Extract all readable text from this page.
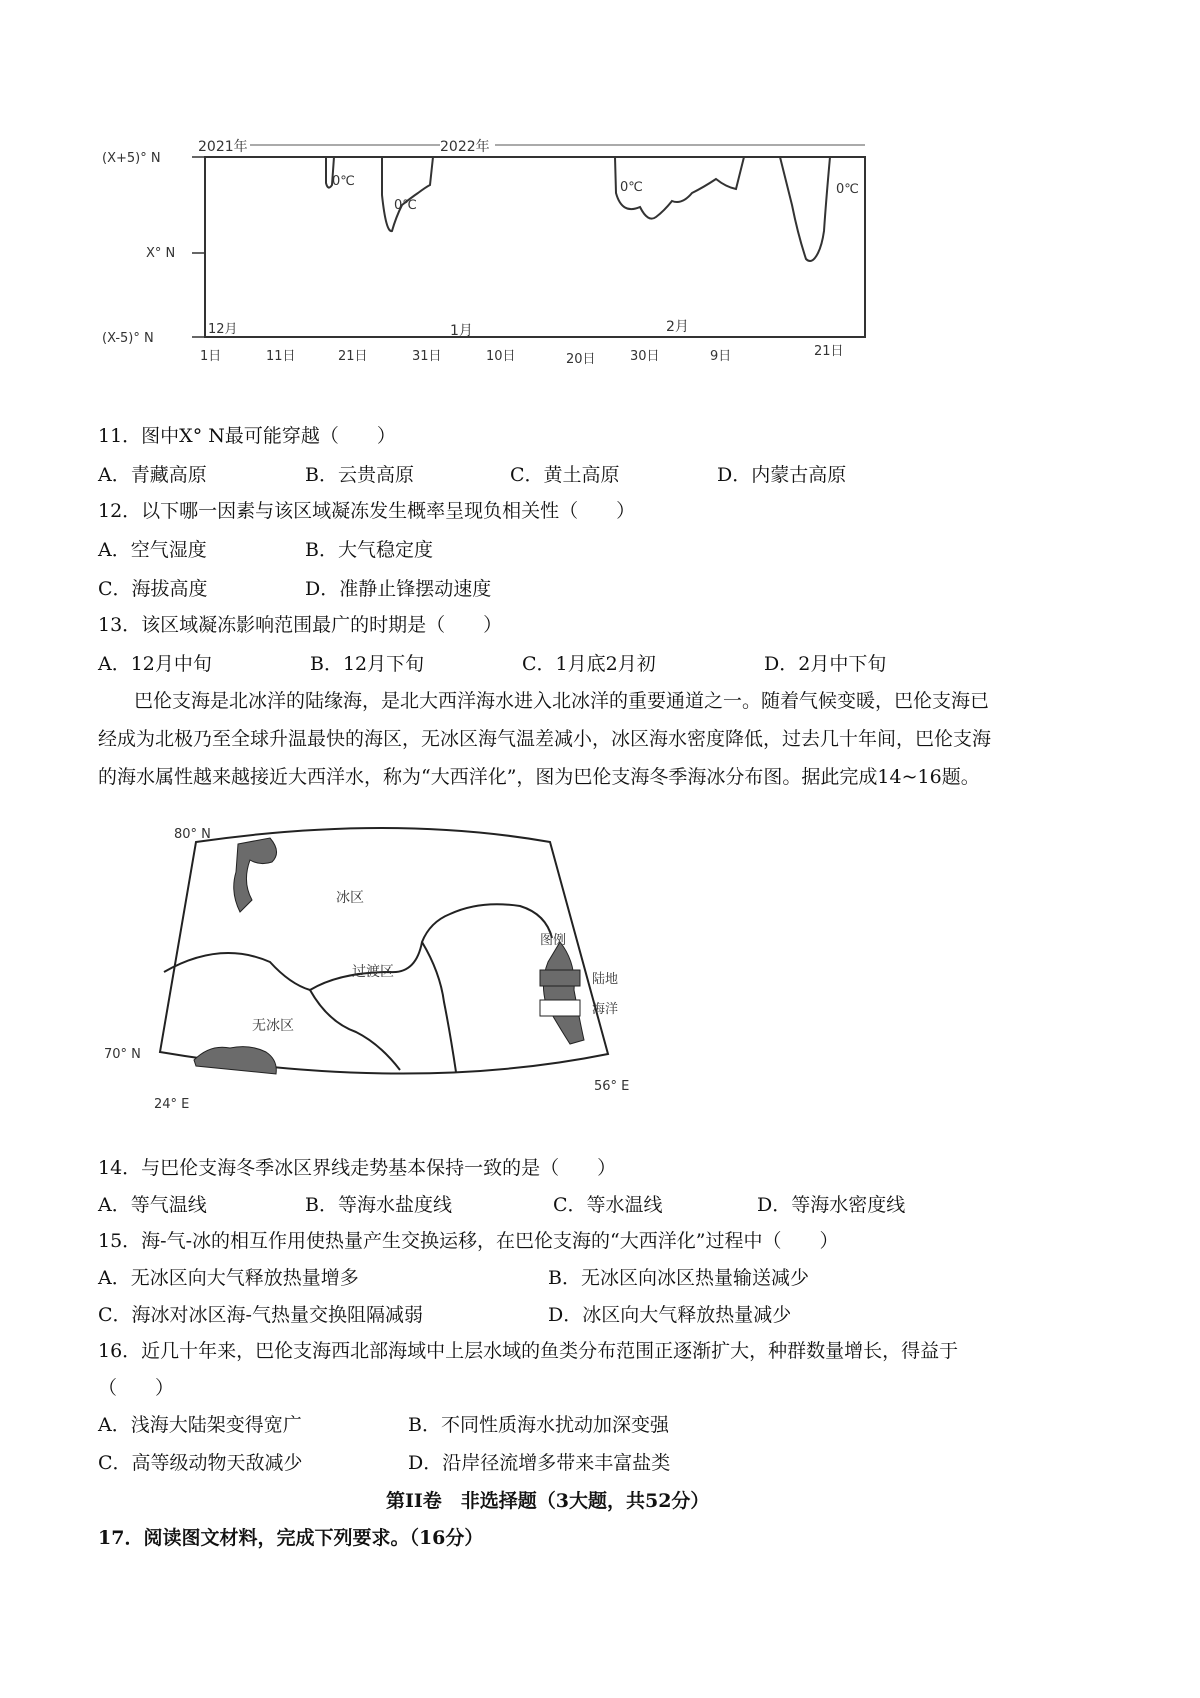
2021年	2022年
(X+5)° N
X° N
(X-5)° N
12月	1月	2月
1日	11日	21日	31日	10日	20日	30日	9日	21日
0℃
0℃
0℃	0℃
11．图中X° N最可能穿越（　　）
A．青藏高原	B．云贵高原	C．黄土高原	D．内蒙古高原
12．以下哪一因素与该区域凝冻发生概率呈现负相关性（　　）
A．空气湿度	B．大气稳定度
C．海拔高度	D．准静止锋摆动速度
13．该区域凝冻影响范围最广的时期是（　　）
A．12月中旬	B．12月下旬	C．1月底2月初	D．2月中下旬
巴伦支海是北冰洋的陆缘海，是北大西洋海水进入北冰洋的重要通道之一。随着气候变暖，巴伦支海已
经成为北极乃至全球升温最快的海区，无冰区海气温差减小，冰区海水密度降低，过去几十年间，巴伦支海
的海水属性越来越接近大西洋水，称为“大西洋化”，图为巴伦支海冬季海冰分布图。据此完成14~16题。
冰区
过渡区
无冰区
80° N
70° N
24° E
56° E
图例
陆地
海洋
14．与巴伦支海冬季冰区界线走势基本保持一致的是（　　）
A．等气温线	B．等海水盐度线	C．等水温线	D．等海水密度线
15．海-气-冰的相互作用使热量产生交换运移，在巴伦支海的“大西洋化”过程中（　　）
A．无冰区向大气释放热量增多	B．无冰区向冰区热量输送减少
C．海冰对冰区海-气热量交换阻隔减弱	D．冰区向大气释放热量减少
16．近几十年来，巴伦支海西北部海域中上层水域的鱼类分布范围正逐渐扩大，种群数量增长，得益于
（　　）
A．浅海大陆架变得宽广	B．不同性质海水扰动加深变强
C．高等级动物天敌减少	D．沿岸径流增多带来丰富盐类
第II卷　非选择题（3大题，共52分）
17．阅读图文材料，完成下列要求。（16分）
